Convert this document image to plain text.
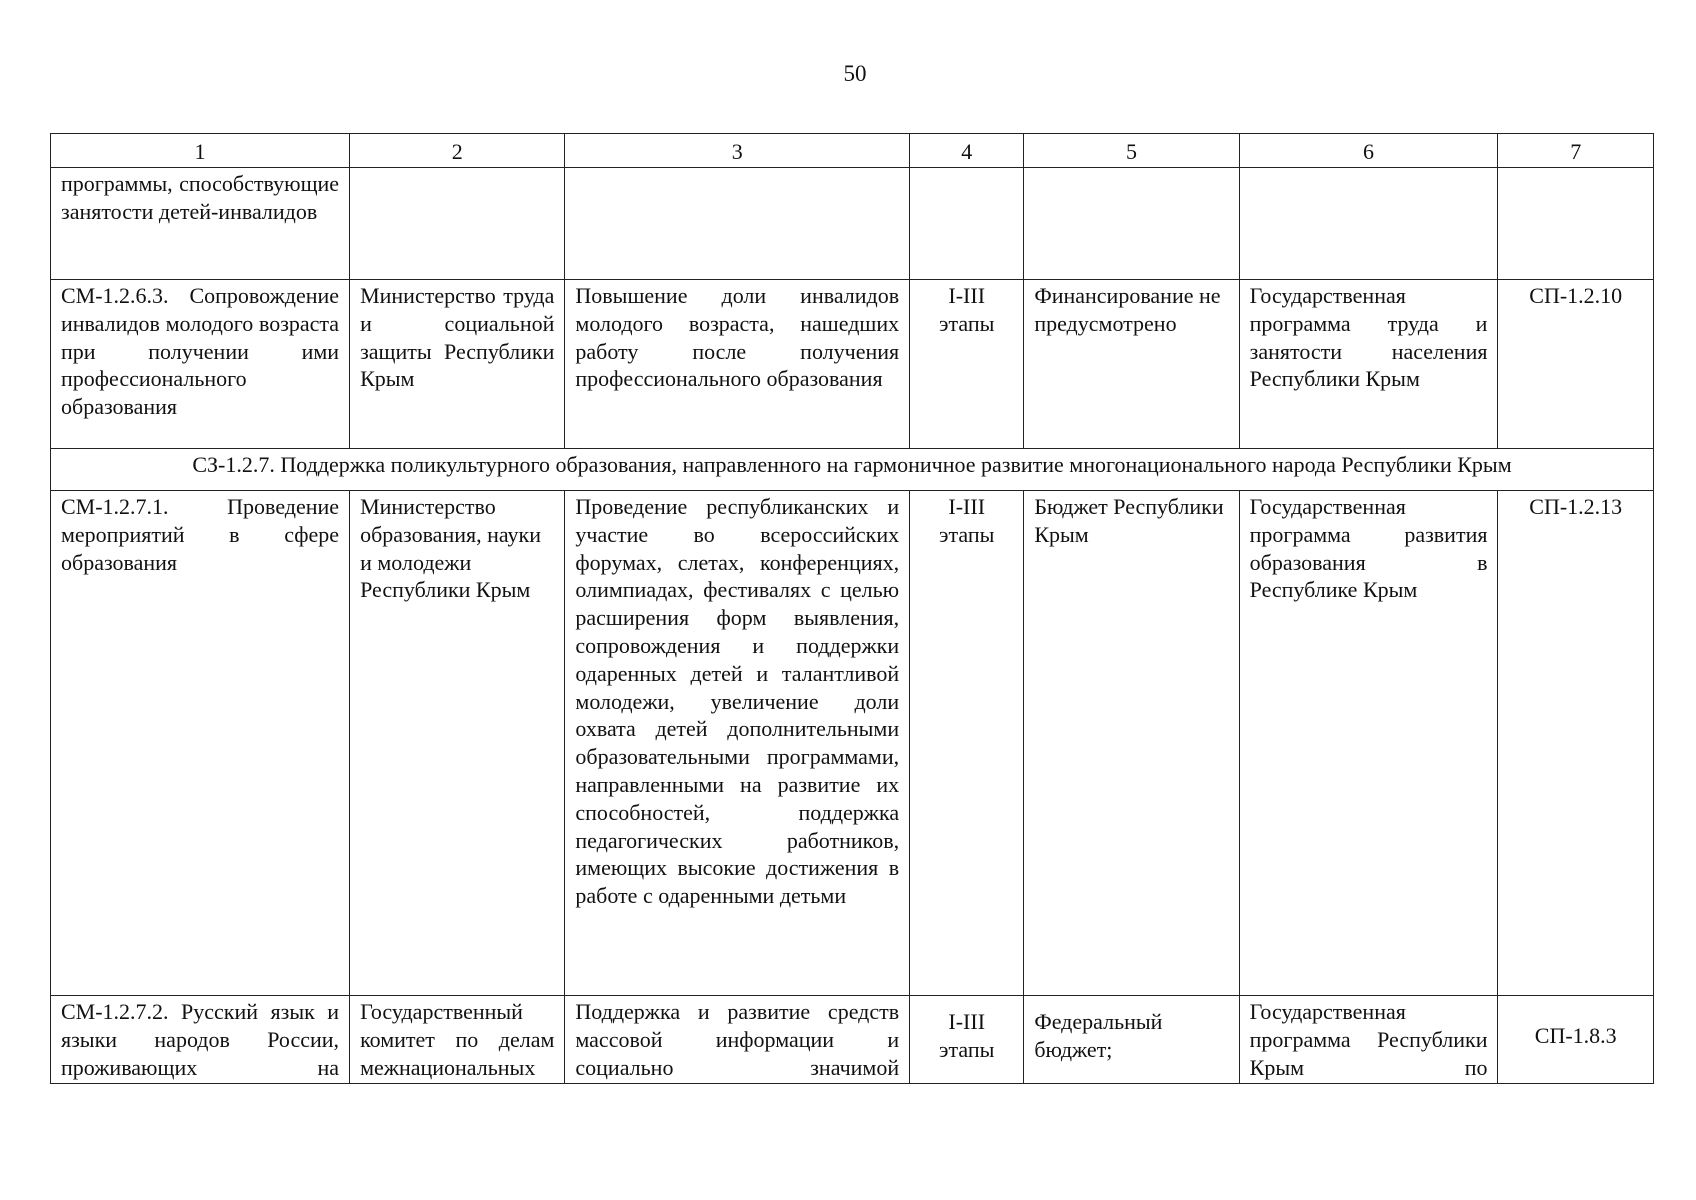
50
1	2	3	4	5	6	7
программы, способствующие занятости детей-инвалидов						
СМ-1.2.6.3. Сопровождение инвалидов молодого возраста при получении ими профессионального образования	Министерство труда и социальной защиты Республики Крым	Повышение доли инвалидов молодого возраста, нашедших работу после получения профессионального образования	I-III этапы	Финансирование не предусмотрено	Государственная программа труда и занятости населения Республики Крым	СП-1.2.10
СЗ-1.2.7. Поддержка поликультурного образования, направленного на гармоничное развитие многонационального народа Республики Крым						
СМ-1.2.7.1. Проведение мероприятий в сфере образования	Министерство образования, науки и молодежи Республики Крым	Проведение республиканских и участие во всероссийских форумах, слетах, конференциях, олимпиадах, фестивалях с целью расширения форм выявления, сопровождения и поддержки одаренных детей и талантливой молодежи, увеличение доли охвата детей дополнительными образовательными программами, направленными на развитие их способностей, поддержка педагогических работников, имеющих высокие достижения в работе с одаренными детьми	I-III этапы	Бюджет Республики Крым	Государственная программа развития образования в Республике Крым	СП-1.2.13
СМ-1.2.7.2. Русский язык и языки народов России, проживающих на	Государственный комитет по делам межнациональных	Поддержка и развитие средств массовой информации и социально значимой	I-III этапы	Федеральный бюджет;	Государственная программа Республики Крым по	СП-1.8.3
